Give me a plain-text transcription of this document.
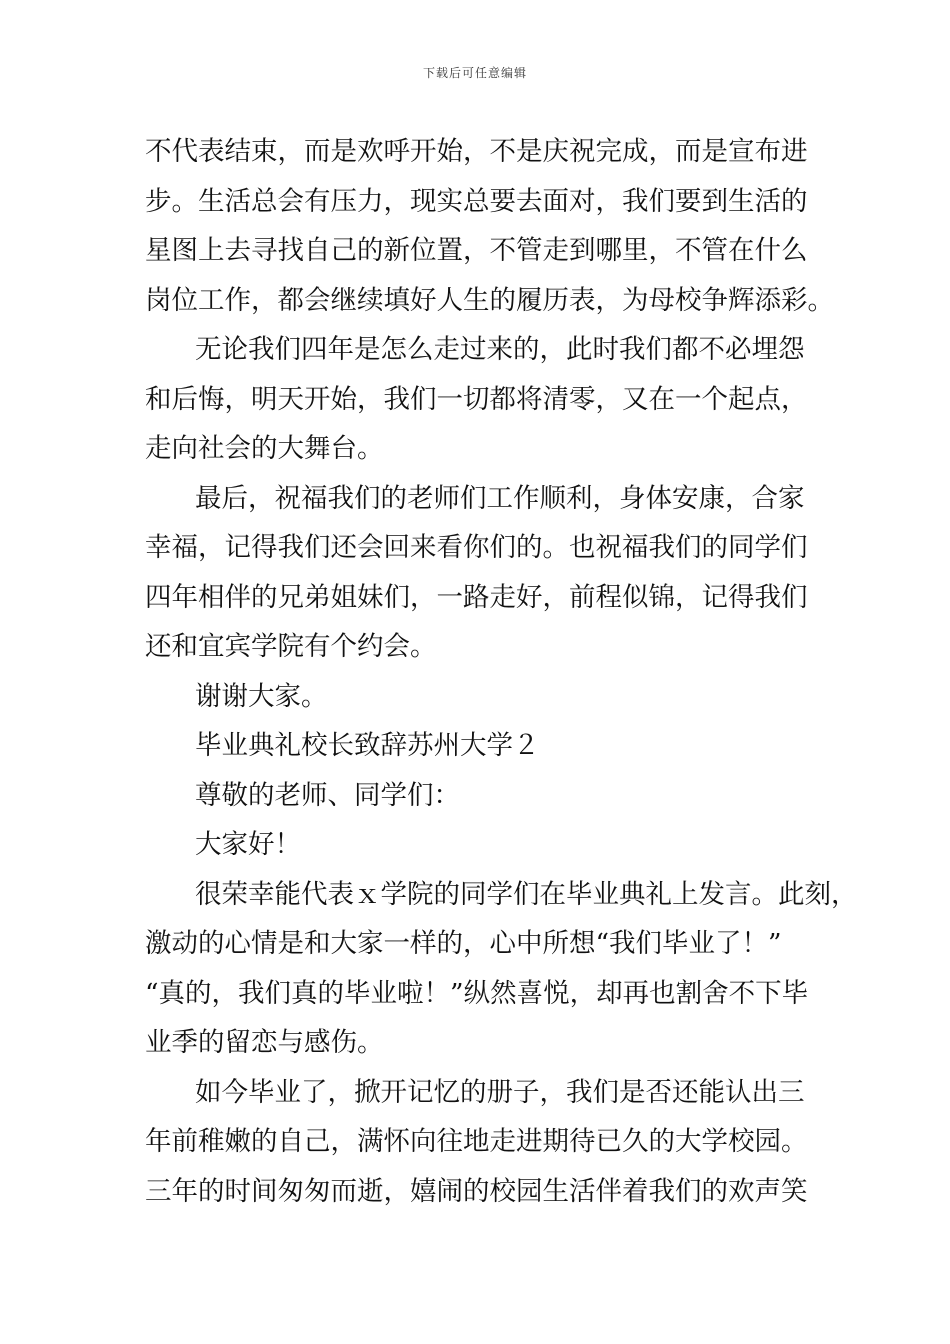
下载后可任意编辑
不代表结束，而是欢呼开始，不是庆祝完成，而是宣布进
步。生活总会有压力，现实总要去面对，我们要到生活的
星图上去寻找自己的新位置，不管走到哪里，不管在什么
岗位工作，都会继续填好人生的履历表，为母校争辉添彩。
无论我们四年是怎么走过来的，此时我们都不必埋怨
和后悔，明天开始，我们一切都将清零，又在一个起点，
走向社会的大舞台。
最后，祝福我们的老师们工作顺利，身体安康，合家
幸福，记得我们还会回来看你们的。也祝福我们的同学们
四年相伴的兄弟姐妹们，一路走好，前程似锦，记得我们
还和宜宾学院有个约会。
谢谢大家。
毕业典礼校长致辞苏州大学２
尊敬的老师、同学们：
大家好！
很荣幸能代表ｘ学院的同学们在毕业典礼上发言。此刻，
激动的心情是和大家一样的，心中所想“我们毕业了！”
“真的，我们真的毕业啦！”纵然喜悦，却再也割舍不下毕
业季的留恋与感伤。
如今毕业了，掀开记忆的册子，我们是否还能认出三
年前稚嫩的自己，满怀向往地走进期待已久的大学校园。
三年的时间匆匆而逝，嬉闹的校园生活伴着我们的欢声笑
